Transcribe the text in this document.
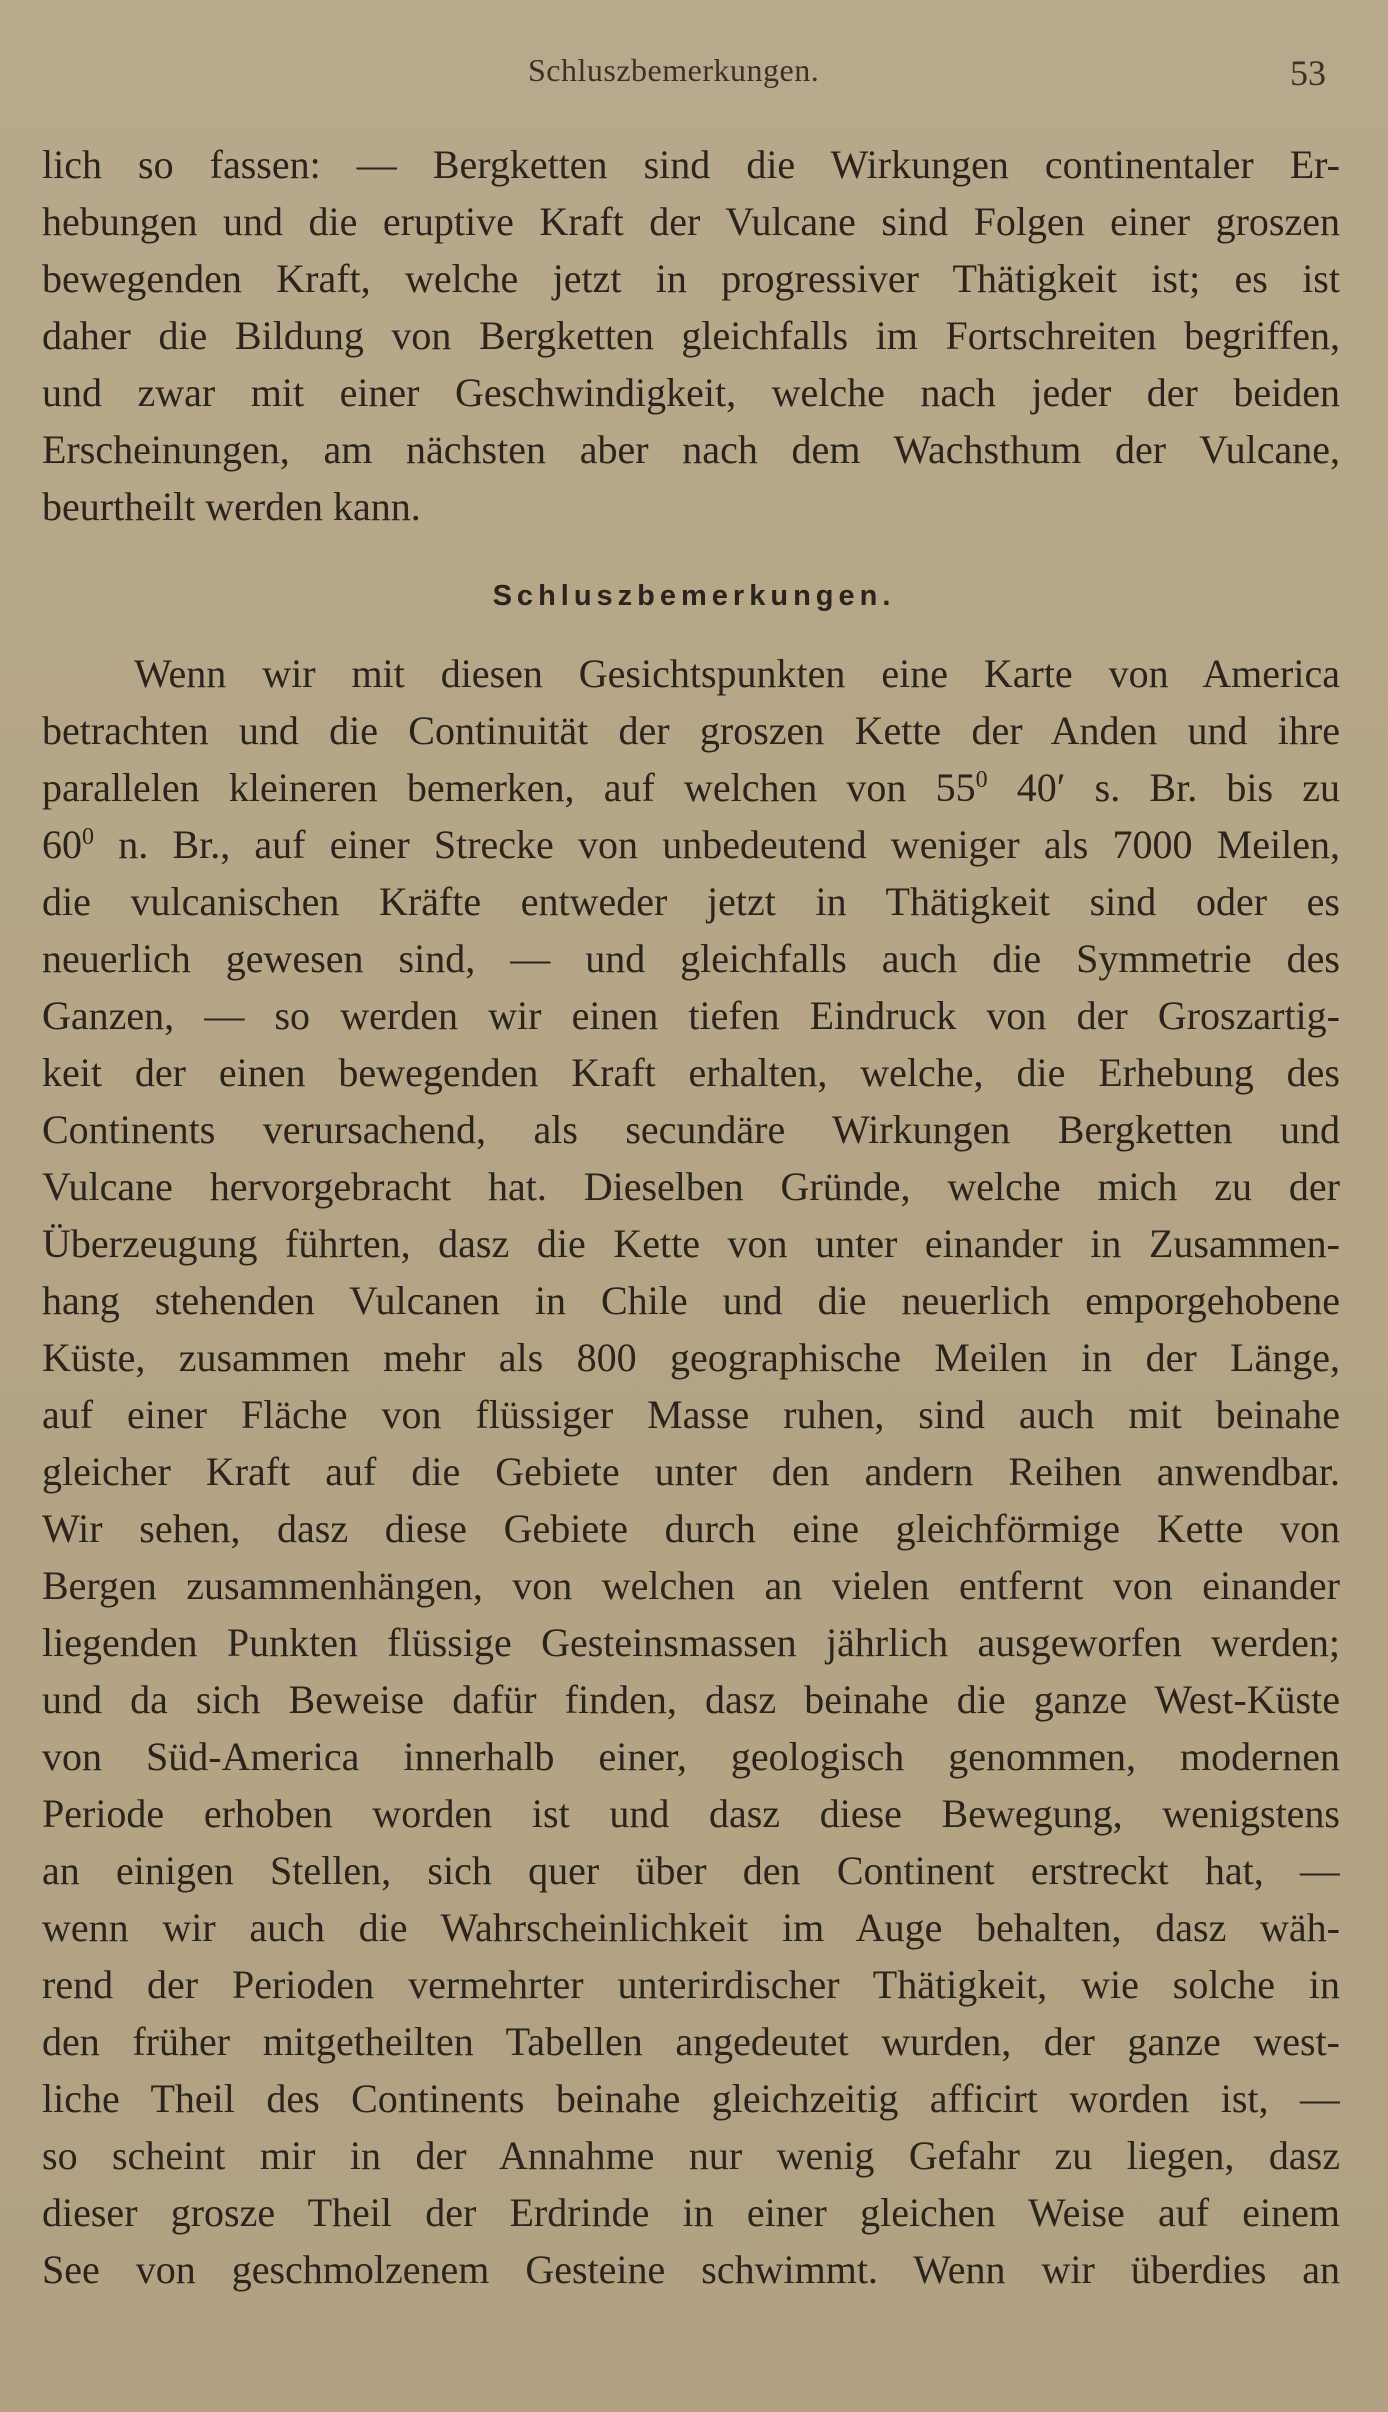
Schluszbemerkungen.	53
lich so fassen: — Bergketten sind die Wirkungen continentaler Er-
hebungen und die eruptive Kraft der Vulcane sind Folgen einer groszen
bewegenden Kraft, welche jetzt in progressiver Thätigkeit ist; es ist
daher die Bildung von Bergketten gleichfalls im Fortschreiten begriffen,
und zwar mit einer Geschwindigkeit, welche nach jeder der beiden
Erscheinungen, am nächsten aber nach dem Wachsthum der Vulcane,
beurtheilt werden kann.
Schluszbemerkungen.
Wenn wir mit diesen Gesichtspunkten eine Karte von America
betrachten und die Continuität der groszen Kette der Anden und ihre
parallelen kleineren bemerken, auf welchen von $55^0$ 40′ s. Br. bis zu
$60^0$ n. Br., auf einer Strecke von unbedeutend weniger als 7000 Meilen,
die vulcanischen Kräfte entweder jetzt in Thätigkeit sind oder es
neuerlich gewesen sind, — und gleichfalls auch die Symmetrie des
Ganzen, — so werden wir einen tiefen Eindruck von der Groszartig-
keit der einen bewegenden Kraft erhalten, welche, die Erhebung des
Continents verursachend, als secundäre Wirkungen Bergketten und
Vulcane hervorgebracht hat. Dieselben Gründe, welche mich zu der
Überzeugung führten, dasz die Kette von unter einander in Zusammen-
hang stehenden Vulcanen in Chile und die neuerlich emporgehobene
Küste, zusammen mehr als 800 geographische Meilen in der Länge,
auf einer Fläche von flüssiger Masse ruhen, sind auch mit beinahe
gleicher Kraft auf die Gebiete unter den andern Reihen anwendbar.
Wir sehen, dasz diese Gebiete durch eine gleichförmige Kette von
Bergen zusammenhängen, von welchen an vielen entfernt von einander
liegenden Punkten flüssige Gesteinsmassen jährlich ausgeworfen werden;
und da sich Beweise dafür finden, dasz beinahe die ganze West-Küste
von Süd-America innerhalb einer, geologisch genommen, modernen
Periode erhoben worden ist und dasz diese Bewegung, wenigstens
an einigen Stellen, sich quer über den Continent erstreckt hat, —
wenn wir auch die Wahrscheinlichkeit im Auge behalten, dasz wäh-
rend der Perioden vermehrter unterirdischer Thätigkeit, wie solche in
den früher mitgetheilten Tabellen angedeutet wurden, der ganze west-
liche Theil des Continents beinahe gleichzeitig afficirt worden ist, —
so scheint mir in der Annahme nur wenig Gefahr zu liegen, dasz
dieser grosze Theil der Erdrinde in einer gleichen Weise auf einem
See von geschmolzenem Gesteine schwimmt. Wenn wir überdies an
